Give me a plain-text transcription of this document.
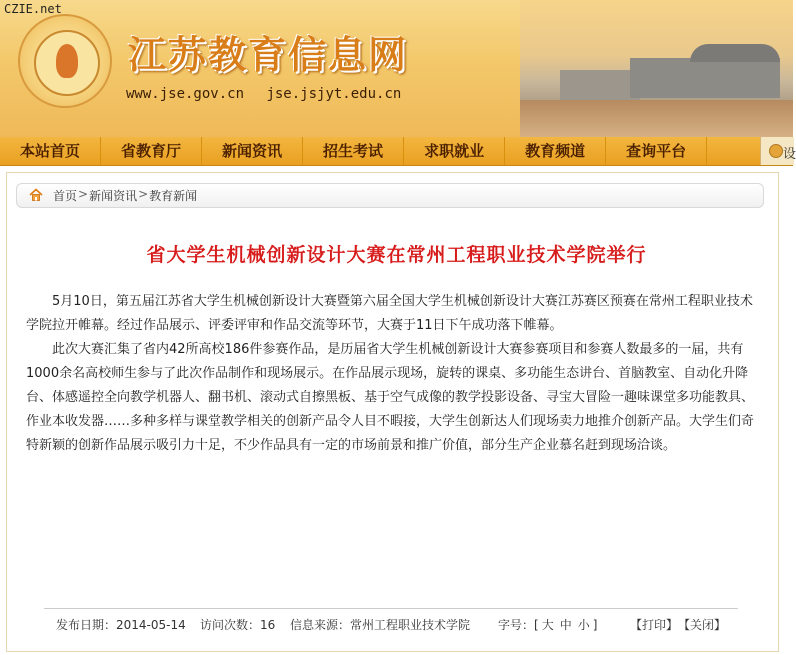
CZIE.net
江苏教育信息网
www.jse.gov.cn jse.jsjyt.edu.cn
本站首页	省教育厅	新闻资讯	招生考试	求职就业	教育频道	查询平台	设
首页 > 新闻资讯 > 教育新闻
省大学生机械创新设计大赛在常州工程职业技术学院举行

5月10日，第五届江苏省大学生机械创新设计大赛暨第六届全国大学生机械创新设计大赛江苏赛区预赛在常州工程职业技术学院拉开帷幕。经过作品展示、评委评审和作品交流等环节，大赛于11日下午成功落下帷幕。

此次大赛汇集了省内42所高校186件参赛作品，是历届省大学生机械创新设计大赛参赛项目和参赛人数最多的一届，共有1000余名高校师生参与了此次作品制作和现场展示。在作品展示现场，旋转的课桌、多功能生态讲台、首脑教室、自动化升降台、体感遥控全向教学机器人、翻书机、滚动式自擦黑板、基于空气成像的教学投影设备、寻宝大冒险一趣味课堂多功能教具、作业本收发器……多种多样与课堂教学相关的创新产品令人目不暇接，大学生创新达人们现场卖力地推介创新产品。大学生们奇特新颖的创新作品展示吸引力十足，不少作品具有一定的市场前景和推广价值，部分生产企业慕名赶到现场洽谈。

发布日期：2014-05-14 访问次数：16 信息来源：常州工程职业技术学院 字号：[ 大 中 小 ]	【打印】【关闭】
